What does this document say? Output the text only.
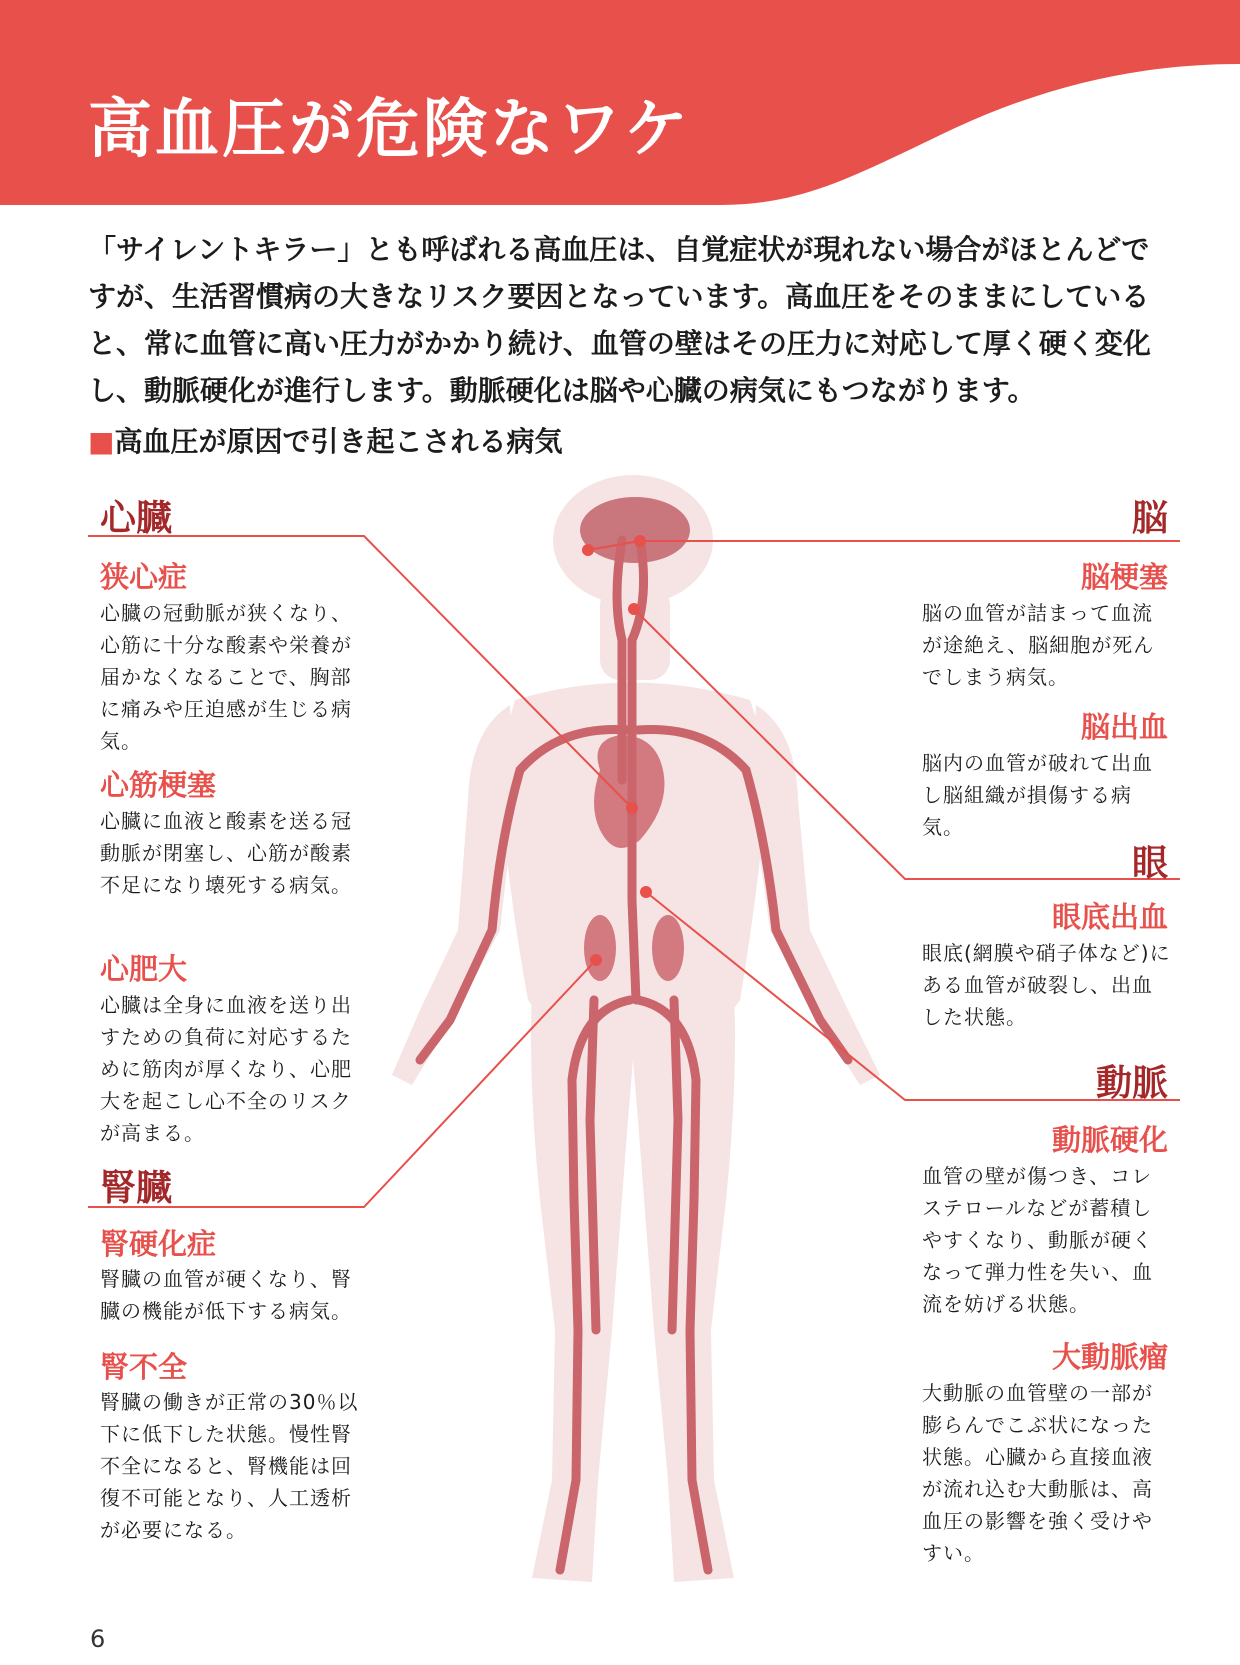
高血圧が危険なワケ

「サイレントキラー」とも呼ばれる高血圧は、自覚症状が現れない場合がほとんどですが、生活習慣病の大きなリスク要因となっています。高血圧をそのままにしていると、常に血管に高い圧力がかかり続け、血管の壁はその圧力に対応して厚く硬く変化し、動脈硬化が進行します。動脈硬化は脳や心臓の病気にもつながります。

■高血圧が原因で引き起こされる病気
心臓
狭心症

心臓の冠動脈が狭くなり、心筋に十分な酸素や栄養が届かなくなることで、胸部に痛みや圧迫感が生じる病気。

心筋梗塞

心臓に血液と酸素を送る冠動脈が閉塞し、心筋が酸素不足になり壊死する病気。

心肥大

心臓は全身に血液を送り出すための負荷に対応するために筋肉が厚くなり、心肥大を起こし心不全のリスクが高まる。

腎臓
腎硬化症

腎臓の血管が硬くなり、腎臓の機能が低下する病気。

腎不全

腎臓の働きが正常の30％以下に低下した状態。慢性腎不全になると、腎機能は回復不可能となり、人工透析が必要になる。

脳
脳梗塞

脳の血管が詰まって血流が途絶え、脳細胞が死んでしまう病気。

脳出血

脳内の血管が破れて出血し脳組織が損傷する病気。

眼
眼底出血

眼底(網膜や硝子体など)にある血管が破裂し、出血した状態。

動脈
動脈硬化

血管の壁が傷つき、コレステロールなどが蓄積しやすくなり、動脈が硬くなって弾力性を失い、血流を妨げる状態。

大動脈瘤

大動脈の血管壁の一部が膨らんでこぶ状になった状態。心臓から直接血液が流れ込む大動脈は、高血圧の影響を強く受けやすい。

6
